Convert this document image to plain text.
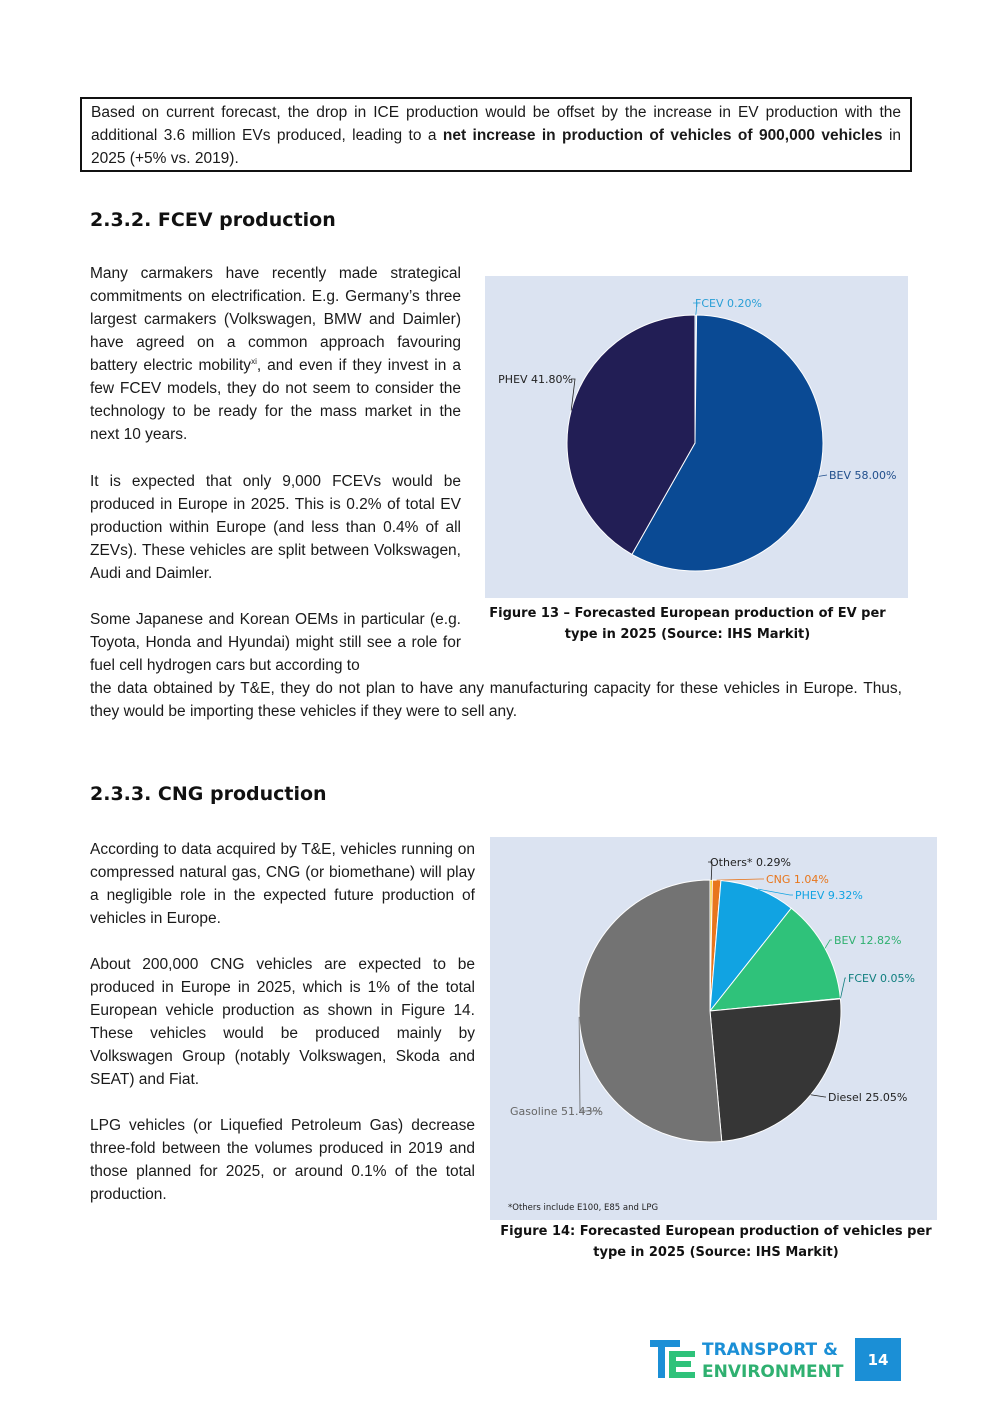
Based on current forecast, the drop in ICE production would be offset by the increase in EV production with the additional 3.6 million EVs produced, leading to a net increase in production of vehicles of 900,000 vehicles in 2025 (+5% vs. 2019).
2.3.2. FCEV production
Many carmakers have recently made strategical commitments on electrification. E.g. Germany’s three largest carmakers (Volkswagen, BMW and Daimler) have agreed on a common approach favouring battery electric mobility$^{xi}$, and even if they invest in a few FCEV models, they do not seem to consider the technology to be ready for the mass market in the next 10 years.
It is expected that only 9,000 FCEVs would be produced in Europe in 2025. This is 0.2% of total EV production within Europe (and less than 0.4% of all ZEVs). These vehicles are split between Volkswagen, Audi and Daimler.
Some Japanese and Korean OEMs in particular (e.g. Toyota, Honda and Hyundai) might still see a role for fuel cell hydrogen cars but according to
the data obtained by T&E, they do not plan to have any manufacturing capacity for these vehicles in Europe. Thus, they would be importing these vehicles if they were to sell any.
FCEV 0.20%
BEV 58.00%
PHEV 41.80%
Figure 13 – Forecasted European production of EV per type in 2025 (Source: IHS Markit)
2.3.3. CNG production
According to data acquired by T&E, vehicles running on compressed natural gas, CNG (or biomethane) will play a negligible role in the expected future production of vehicles in Europe.
About 200,000 CNG vehicles are expected to be produced in Europe in 2025, which is 1% of the total European vehicle production as shown in Figure 14. These vehicles would be produced mainly by Volkswagen Group (notably Volkswagen, Skoda and SEAT) and Fiat.
LPG vehicles (or Liquefied Petroleum Gas) decrease three-fold between the volumes produced in 2019 and those planned for 2025, or around 0.1% of the total production.
Others* 0.29%
CNG 1.04%
PHEV 9.32%
BEV 12.82%
FCEV 0.05%
Diesel 25.05%
Gasoline 51.43%
*Others include E100, E85 and LPG
Figure 14: Forecasted European production of vehicles per type in 2025 (Source: IHS Markit)
TRANSPORT &
ENVIRONMENT
14
